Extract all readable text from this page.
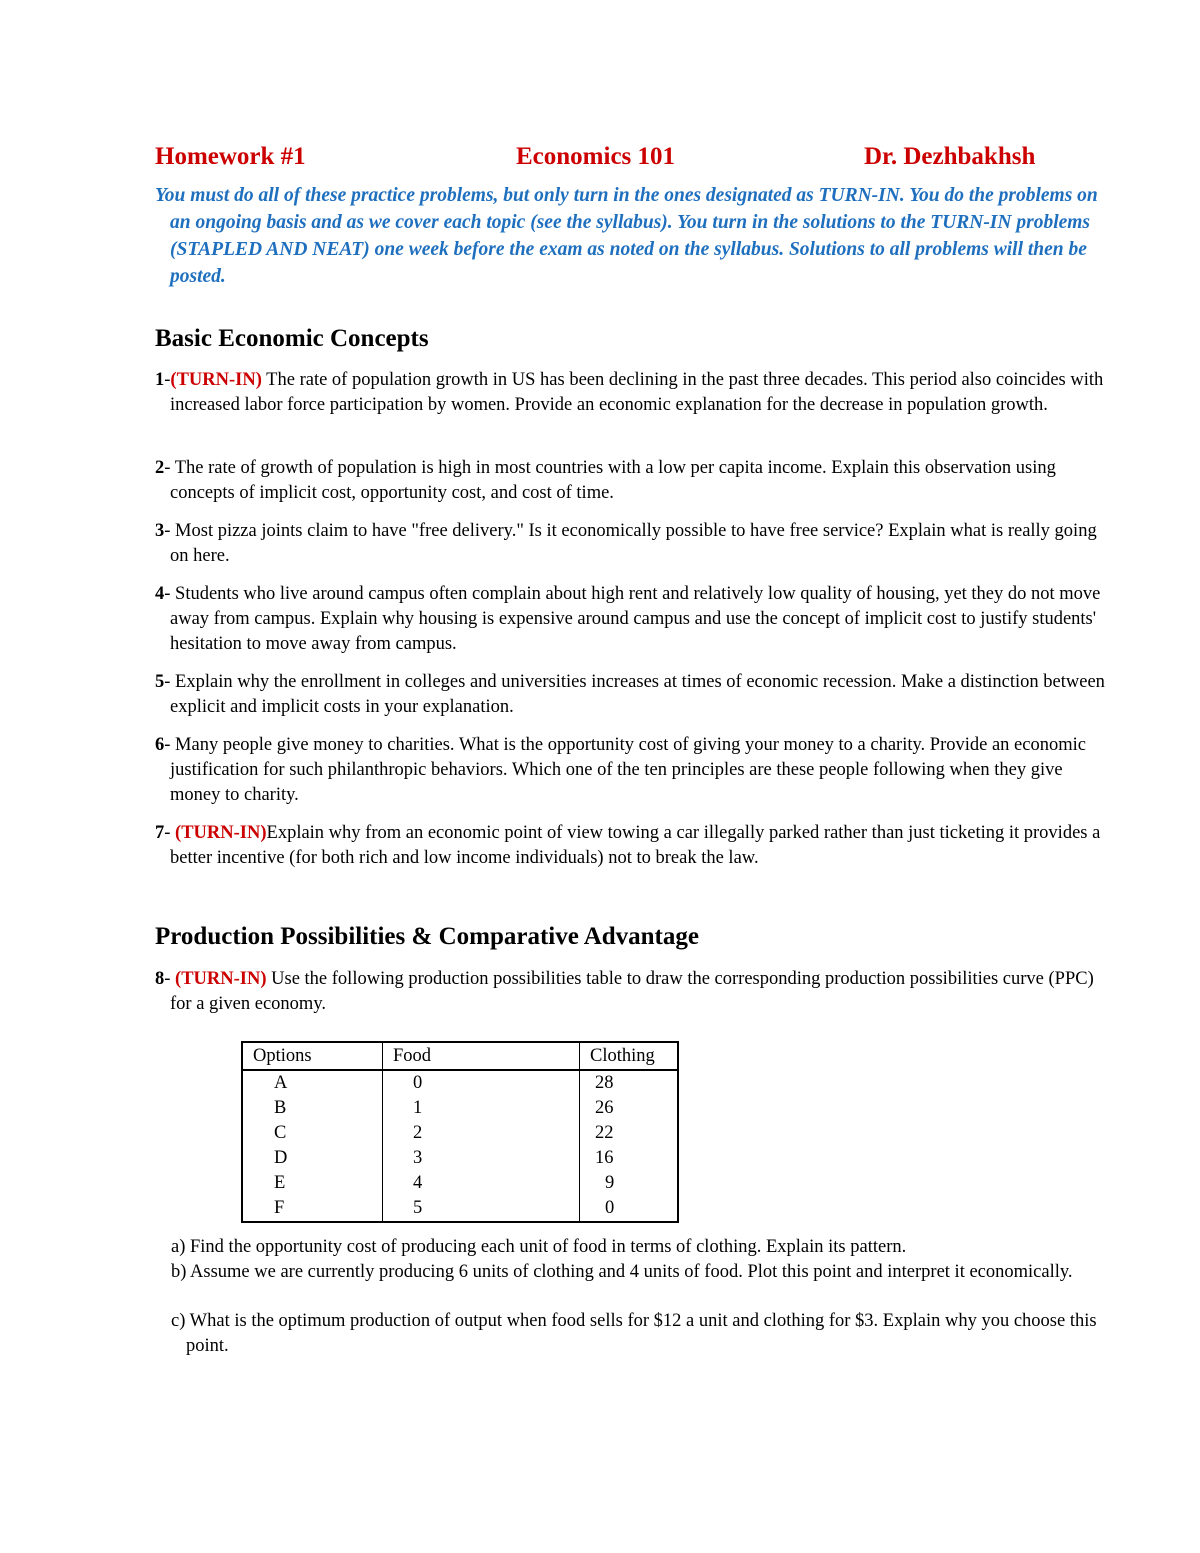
Homework #1	Economics 101	Dr. Dezhbakhsh

You must do all of these practice problems, but only turn in the ones designated as TURN-IN. You do the problems on an ongoing basis and as we cover each topic (see the syllabus). You turn in the solutions to the TURN-IN problems (STAPLED AND NEAT) one week before the exam as noted on the syllabus. Solutions to all problems will then be posted.

Basic Economic Concepts

1-(TURN-IN) The rate of population growth in US has been declining in the past three decades. This period also coincides with increased labor force participation by women. Provide an economic explanation for the decrease in population growth.

2- The rate of growth of population is high in most countries with a low per capita income. Explain this observation using concepts of implicit cost, opportunity cost, and cost of time.

3- Most pizza joints claim to have "free delivery." Is it economically possible to have free service? Explain what is really going on here.

4- Students who live around campus often complain about high rent and relatively low quality of housing, yet they do not move away from campus. Explain why housing is expensive around campus and use the concept of implicit cost to justify students' hesitation to move away from campus.

5- Explain why the enrollment in colleges and universities increases at times of economic recession. Make a distinction between explicit and implicit costs in your explanation.

6- Many people give money to charities. What is the opportunity cost of giving your money to a charity. Provide an economic justification for such philanthropic behaviors. Which one of the ten principles are these people following when they give money to charity.

7- (TURN-IN)Explain why from an economic point of view towing a car illegally parked rather than just ticketing it provides a better incentive (for both rich and low income individuals) not to break the law.

Production Possibilities & Comparative Advantage

8- (TURN-IN) Use the following production possibilities table to draw the corresponding production possibilities curve (PPC) for a given economy.

Options	Food	Clothing
A	0	28
B	1	26
C	2	22
D	3	16
E	4	9
F	5	0

a) Find the opportunity cost of producing each unit of food in terms of clothing. Explain its pattern.

b) Assume we are currently producing 6 units of clothing and 4 units of food. Plot this point and interpret it economically.

c) What is the optimum production of output when food sells for $12 a unit and clothing for $3. Explain why you choose this point.
